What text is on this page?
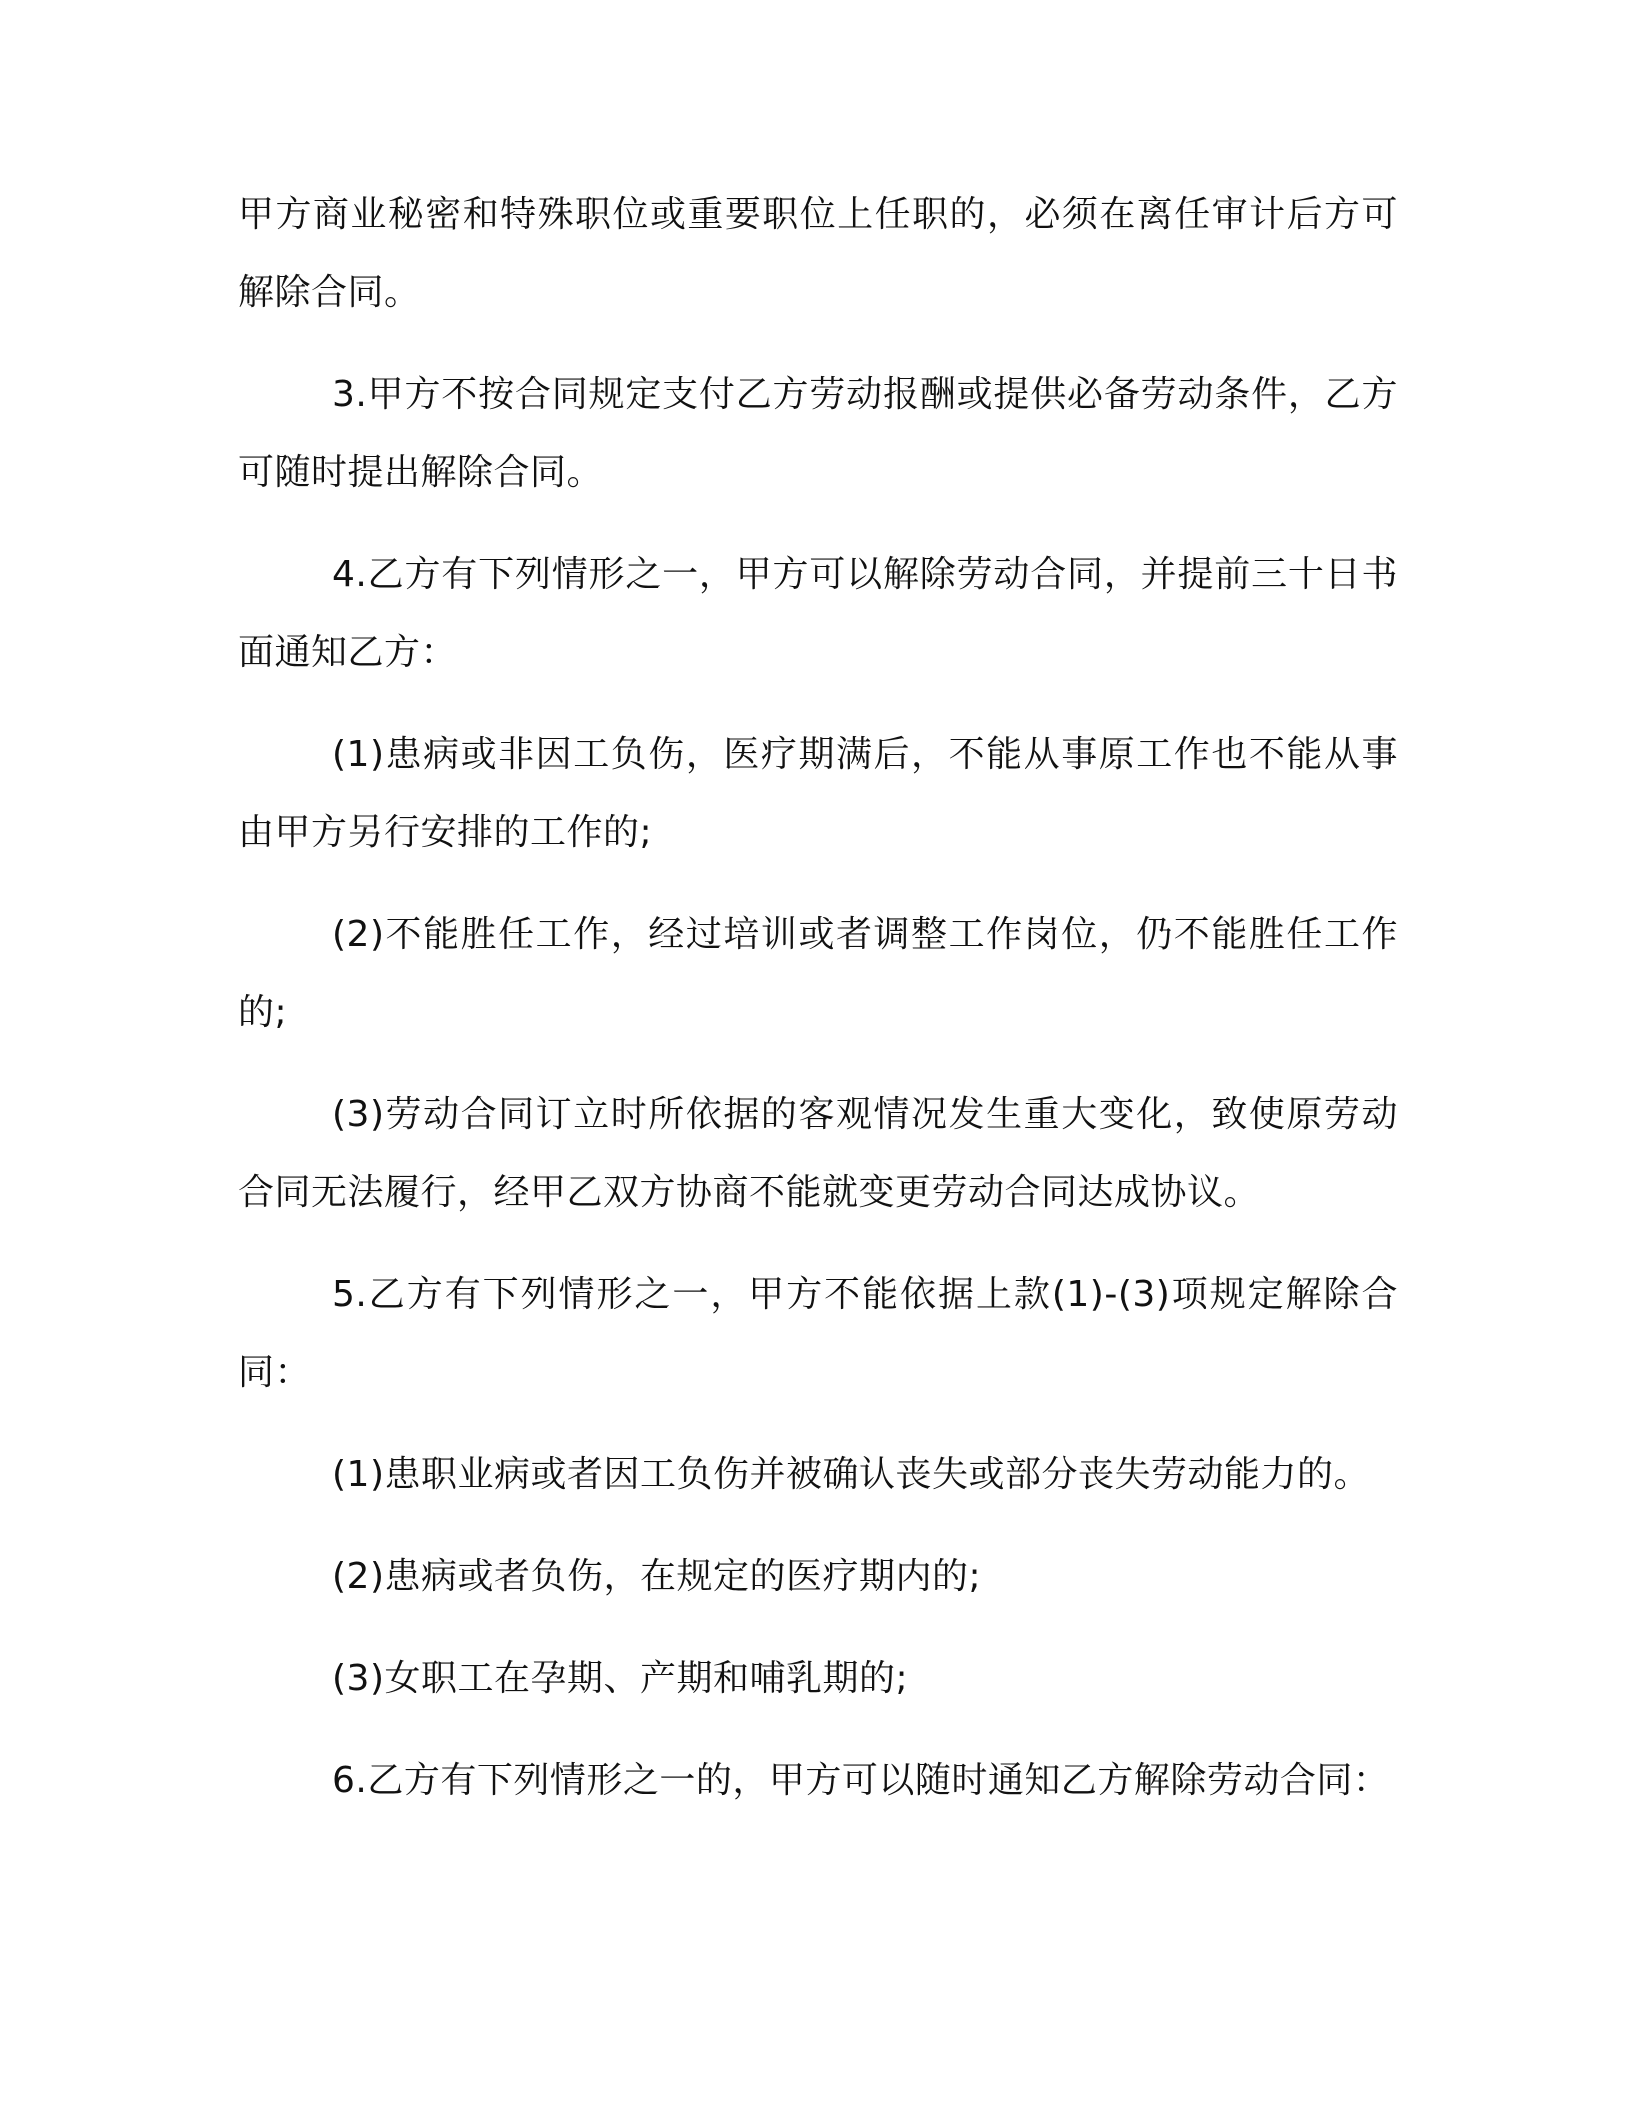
甲方商业秘密和特殊职位或重要职位上任职的，必须在离任审计后方可解除合同。

3.甲方不按合同规定支付乙方劳动报酬或提供必备劳动条件，乙方可随时提出解除合同。

4.乙方有下列情形之一，甲方可以解除劳动合同，并提前三十日书面通知乙方：

(1)患病或非因工负伤，医疗期满后，不能从事原工作也不能从事由甲方另行安排的工作的;

(2)不能胜任工作，经过培训或者调整工作岗位，仍不能胜任工作的;

(3)劳动合同订立时所依据的客观情况发生重大变化，致使原劳动合同无法履行，经甲乙双方协商不能就变更劳动合同达成协议。

5.乙方有下列情形之一，甲方不能依据上款(1)-(3)项规定解除合同：

(1)患职业病或者因工负伤并被确认丧失或部分丧失劳动能力的。

(2)患病或者负伤，在规定的医疗期内的;

(3)女职工在孕期、产期和哺乳期的;

6.乙方有下列情形之一的，甲方可以随时通知乙方解除劳动合同：
